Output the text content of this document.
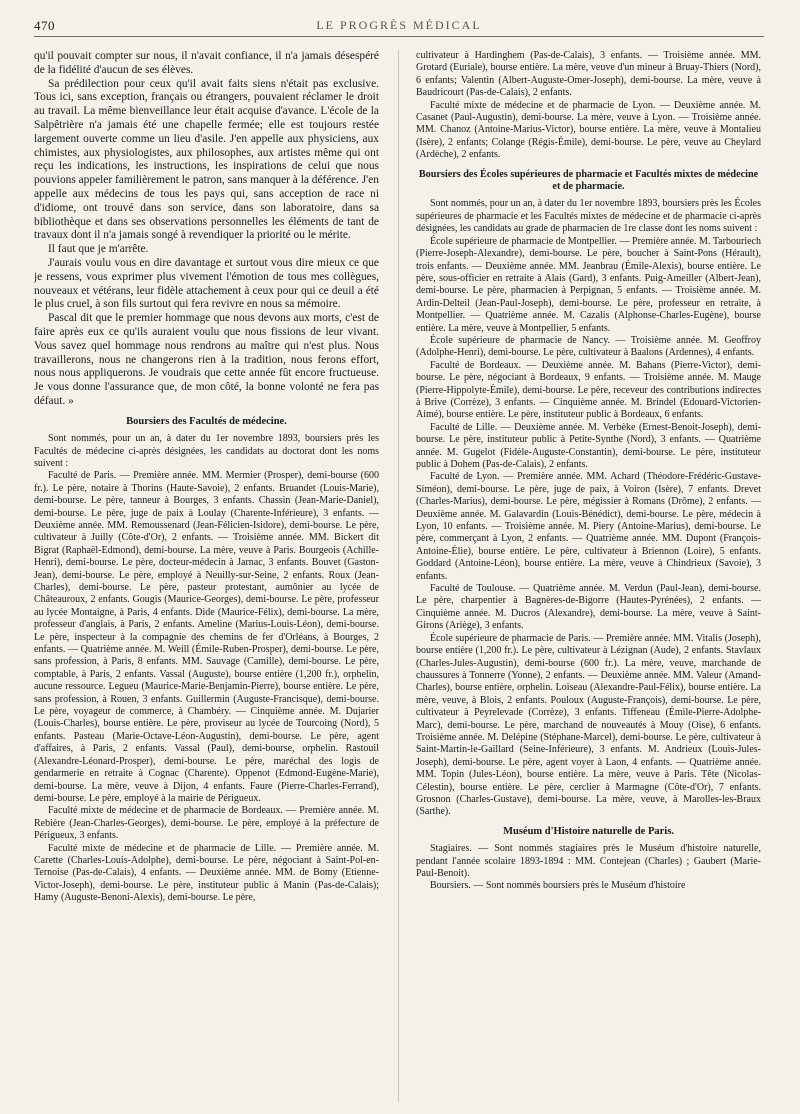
470	LE PROGRÈS MÉDICAL

qu'il pouvait compter sur nous, il n'avait confiance, il n'a jamais désespéré de la fidélité d'aucun de ses élèves.

Sa prédilection pour ceux qu'il avait faits siens n'était pas exclusive. Tous ici, sans exception, français ou étrangers, pouvaient réclamer le droit au travail. La même bienveillance leur était acquise d'avance. L'école de la Salpêtrière n'a jamais été une chapelle fermée; elle est toujours restée largement ouverte comme un lieu d'asile. J'en appelle aux physiciens, aux chimistes, aux physiologistes, aux philosophes, aux artistes même qui ont reçu les indications, les instructions, les inspirations de celui que nous pouvions appeler familièrement le patron, sans manquer à la déférence. J'en appelle aux médecins de tous les pays qui, sans acception de race ni d'idiome, ont trouvé dans son service, dans son laboratoire, dans sa bibliothèque et dans ses observations personnelles les éléments de tant de travaux dont il n'a jamais songé à revendiquer la priorité ou le mérite.

Il faut que je m'arrête.

J'aurais voulu vous en dire davantage et surtout vous dire mieux ce que je ressens, vous exprimer plus vivement l'émotion de tous mes collègues, nouveaux et vétérans, leur fidèle attachement à ceux pour qui ce deuil a été le plus cruel, à son fils surtout qui fera revivre en nous sa mémoire.

Pascal dit que le premier hommage que nous devons aux morts, c'est de faire après eux ce qu'ils auraient voulu que nous fissions de leur vivant. Vous savez quel hommage nous rendrons au maître qui n'est plus. Nous travaillerons, nous ne changerons rien à la tradition, nous ferons effort, nous nous appliquerons. Je voudrais que cette année fût encore fructueuse. Je vous donne l'assurance que, de mon côté, la bonne volonté ne fera pas défaut. »

Boursiers des Facultés de médecine.

Sont nommés, pour un an, à dater du 1er novembre 1893, boursiers près les Facultés de médecine ci-après désignées, les candidats au doctorat dont les noms suivent :

Faculté de Paris. — Première année. MM. Mermier (Prosper), demi-bourse (600 fr.). Le père, notaire à Thorins (Haute-Savoie), 2 enfants. Bruandet (Louis-Marie), demi-bourse. Le père, tanneur à Bourges, 3 enfants. Chassin (Jean-Marie-Daniel), demi-bourse. Le père, juge de paix à Loulay (Charente-Inférieure), 3 enfants. — Deuxième année. MM. Remoussenard (Jean-Félicien-Isidore), demi-bourse. Le père, cultivateur à Juilly (Côte-d'Or), 2 enfants. — Troisième année. MM. Bickert dit Bigrat (Raphaël-Edmond), demi-bourse. La mère, veuve à Paris. Bourgeois (Achille-Henri), demi-bourse. Le père, docteur-médecin à Jarnac, 3 enfants. Bouvet (Gaston-Jean), demi-bourse. Le père, employé à Neuilly-sur-Seine, 2 enfants. Roux (Jean-Charles), demi-bourse. Le père, pasteur protestant, aumônier au lycée de Châteauroux, 2 enfants. Gougis (Maurice-Georges), demi-bourse. Le père, professeur au lycée Montaigne, à Paris, 4 enfants. Dide (Maurice-Félix), demi-bourse. La mère, professeur d'anglais, à Paris, 2 enfants. Ameline (Marius-Louis-Léon), demi-bourse. Le père, inspecteur à la compagnie des chemins de fer d'Orléans, à Bourges, 2 enfants. — Quatrième année. M. Weill (Émile-Ruben-Prosper), demi-bourse. Le père, sans profession, à Paris, 8 enfants. MM. Sauvage (Camille), demi-bourse. Le père, comptable, à Paris, 2 enfants. Vassal (Auguste), bourse entière (1,200 fr.), orphelin, aucune ressource. Legueu (Maurice-Marie-Benjamin-Pierre), bourse entière. Le père, sans profession, à Rouen, 3 enfants. Guillermin (Auguste-Francisque), demi-bourse. Le père, voyageur de commerce, à Chambéry. — Cinquième année. M. Dujarier (Louis-Charles), bourse entière. Le père, proviseur au lycée de Tourcoing (Nord), 5 enfants. Pasteau (Marie-Octave-Léon-Augustin), demi-bourse. Le père, agent d'affaires, à Paris, 2 enfants. Vassal (Paul), demi-bourse, orphelin. Rastouil (Alexandre-Léonard-Prosper), demi-bourse. Le père, maréchal des logis de gendarmerie en retraite à Cognac (Charente). Oppenot (Edmond-Eugène-Marie), demi-bourse. La mère, veuve à Dijon, 4 enfants. Faure (Pierre-Charles-Ferrand), demi-bourse. Le père, employé à la mairie de Périgueux.

Faculté mixte de médecine et de pharmacie de Bordeaux. — Première année. M. Rebière (Jean-Charles-Georges), demi-bourse. Le père, employé à la préfecture de Périgueux, 3 enfants.

Faculté mixte de médecine et de pharmacie de Lille. — Première année. M. Carette (Charles-Louis-Adolphe), demi-bourse. Le père, négociant à Saint-Pol-en-Ternoise (Pas-de-Calais), 4 enfants. — Deuxième année. MM. de Bomy (Etienne-Victor-Joseph), demi-bourse. Le père, instituteur public à Manin (Pas-de-Calais); Hamy (Auguste-Benoni-Alexis), demi-bourse. Le père,

cultivateur à Hardinghem (Pas-de-Calais), 3 enfants. — Troisième année. MM. Grotard (Euriale), bourse entière. La mère, veuve d'un mineur à Bruay-Thiers (Nord), 6 enfants; Valentin (Albert-Auguste-Omer-Joseph), demi-bourse. La mère, veuve à Baudricourt (Pas-de-Calais), 2 enfants.

Faculté mixte de médecine et de pharmacie de Lyon. — Deuxième année. M. Casanet (Paul-Augustin), demi-bourse. La mère, veuve à Lyon. — Troisième année. MM. Chanoz (Antoine-Marius-Victor), bourse entière. La mère, veuve à Montalieu (Isère), 2 enfants; Colange (Régis-Émile), demi-bourse. Le père, veuve au Cheylard (Ardèche), 2 enfants.

Boursiers des Écoles supérieures de pharmacie et Facultés mixtes de médecine et de pharmacie.

Sont nommés, pour un an, à dater du 1er novembre 1893, boursiers près les Écoles supérieures de pharmacie et les Facultés mixtes de médecine et de pharmacie ci-après désignées, les candidats au grade de pharmacien de 1re classe dont les noms suivent :

École supérieure de pharmacie de Montpellier. — Première année. M. Tarbouriech (Pierre-Joseph-Alexandre), demi-bourse. Le père, boucher à Saint-Pons (Hérault), trois enfants. — Deuxième année. MM. Jeanbrau (Émile-Alexis), bourse entière. Le père, sous-officier en retraite à Alais (Gard), 3 enfants. Puig-Ameiller (Albert-Jean), demi-bourse. Le père, pharmacien à Perpignan, 5 enfants. — Troisième année. M. Ardin-Delteil (Jean-Paul-Joseph), demi-bourse. Le père, professeur en retraite, à Montpellier. — Quatrième année. M. Cazalis (Alphonse-Charles-Eugène), bourse entière. La mère, veuve à Montpellier, 5 enfants.

École supérieure de pharmacie de Nancy. — Troisième année. M. Geoffroy (Adolphe-Henri), demi-bourse. Le père, cultivateur à Baalons (Ardennes), 4 enfants.

Faculté de Bordeaux. — Deuxième année. M. Bahans (Pierre-Victor), demi-bourse. Le père, négociant à Bordeaux, 9 enfants. — Troisième année. M. Mauge (Pierre-Hippolyte-Émile), demi-bourse. Le père, receveur des contributions indirectes à Brive (Corrèze), 3 enfants. — Cinquième année. M. Brindel (Edouard-Victorien-Aimé), bourse entière. Le père, instituteur public à Bordeaux, 6 enfants.

Faculté de Lille. — Deuxième année. M. Verbèke (Ernest-Benoit-Joseph), demi-bourse. Le père, instituteur public à Petite-Synthe (Nord), 3 enfants. — Quatrième année. M. Gugelot (Fidèle-Auguste-Constantin), demi-bourse. Le père, instituteur public à Dohem (Pas-de-Calais), 2 enfants.

Faculté de Lyon. — Première année. MM. Achard (Théodore-Frédéric-Gustave-Siméon), demi-bourse. Le père, juge de paix, à Voiron (Isère), 7 enfants. Drevet (Charles-Marius), demi-bourse. Le père, mégissier à Romans (Drôme), 2 enfants. — Deuxième année. M. Galavardin (Louis-Bénédict), demi-bourse. Le père, médecin à Lyon, 10 enfants. — Troisième année. M. Piery (Antoine-Marius), demi-bourse. Le père, commerçant à Lyon, 2 enfants. — Quatrième année. MM. Dupont (François-Antoine-Élie), bourse entière. Le père, cultivateur à Briennon (Loire), 5 enfants. Goddard (Antoine-Léon), bourse entière. La mère, veuve à Chindrieux (Savoie), 3 enfants.

Faculté de Toulouse. — Quatrième année. M. Verdun (Paul-Jean), demi-bourse. Le père, charpentier à Bagnères-de-Bigorre (Hautes-Pyrénées), 2 enfants. — Cinquième année. M. Ducros (Alexandre), demi-bourse. La mère, veuve à Saint-Girons (Ariège), 3 enfants.

École supérieure de pharmacie de Paris. — Première année. MM. Vitalis (Joseph), bourse entière (1,200 fr.). Le père, cultivateur à Lézignan (Aude), 2 enfants. Stavlaux (Charles-Jules-Augustin), demi-bourse (600 fr.). La mère, veuve, marchande de chaussures à Tonnerre (Yonne), 2 enfants. — Deuxième année. MM. Valeur (Amand-Charles), bourse entière, orphelin. Loiseau (Alexandre-Paul-Félix), bourse entière. La mère, veuve, à Blois, 2 enfants. Pouloux (Auguste-François), demi-bourse. Le père, cultivateur à Peyrelevade (Corrèze), 3 enfants. Tiffeneau (Émile-Pierre-Adolphe-Marc), demi-bourse. Le père, marchand de nouveautés à Mouy (Oise), 6 enfants. Troisième année. M. Delépine (Stéphane-Marcel), demi-bourse. Le père, cultivateur à Saint-Martin-le-Gaillard (Seine-Inférieure), 3 enfants. M. Andrieux (Louis-Jules-Joseph), demi-bourse. Le père, agent voyer à Laon, 4 enfants. — Quatrième année. MM. Topin (Jules-Léon), bourse entière. La mère, veuve à Paris. Tête (Nicolas-Célestin), bourse entière. Le père, cerclier à Marmagne (Côte-d'Or), 7 enfants. Grosnon (Charles-Gustave), demi-bourse. La mère, veuve, à Marolles-les-Braux (Sarthe).

Muséum d'Histoire naturelle de Paris.

Stagiaires. — Sont nommés stagiaires près le Muséum d'histoire naturelle, pendant l'année scolaire 1893-1894 : MM. Contejean (Charles) ; Gaubert (Marie-Paul-Benoit).

Boursiers. — Sont nommés boursiers près le Muséum d'histoire
